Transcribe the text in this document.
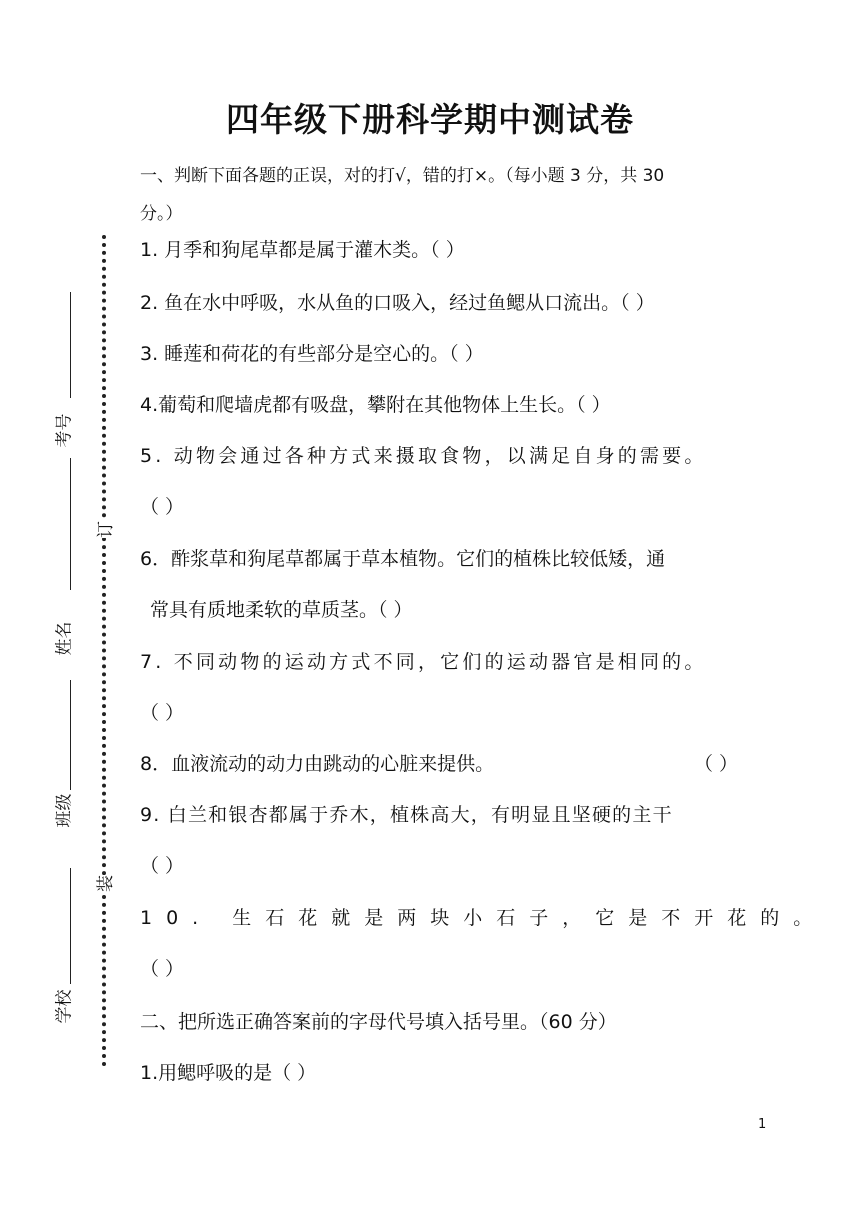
订
装
考号
姓名
班级
学校
四年级下册科学期中测试卷
一、判断下面各题的正误，对的打√，错的打×。（每小题 3 分，共 30
分。）
1. 月季和狗尾草都是属于灌木类。（ ）
2. 鱼在水中呼吸，水从鱼的口吸入，经过鱼鳃从口流出。（ ）
3. 睡莲和荷花的有些部分是空心的。（ ）
4.葡萄和爬墙虎都有吸盘，攀附在其他物体上生长。（ ）
5. 动物会通过各种方式来摄取食物，以满足自身的需要。
（ ）
6．酢浆草和狗尾草都属于草本植物。它们的植株比较低矮，通
常具有质地柔软的草质茎。（ ）
7. 不同动物的运动方式不同，它们的运动器官是相同的。
（ ）
8．血液流动的动力由跳动的心脏来提供。	（ ）
9. 白兰和银杏都属于乔木，植株高大，有明显且坚硬的主干
（ ）
10. 生石花就是两块小石子，它是不开花的。
（ ）
二、把所选正确答案前的字母代号填入括号里。（60 分）
1.用鳃呼吸的是（ ）
1
